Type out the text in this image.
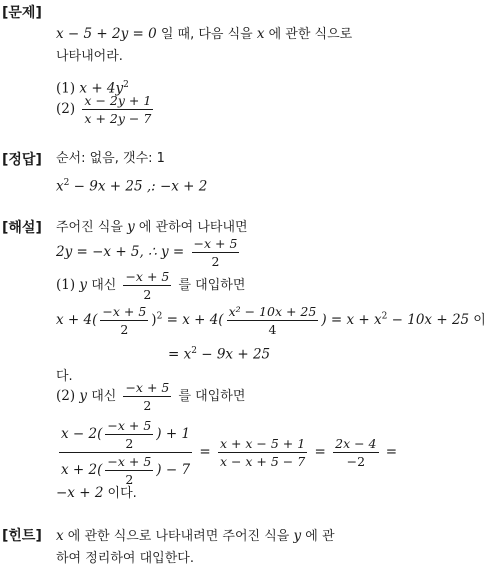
[문제]
x − 5 + 2y = 0 일 때, 다음 식을 x 에 관한 식으로
나타내어라.
(1) $x + 4y^2$
$(2) \frac{x - 2y + 1}{x + 2y - 7}$
[정답] 순서: 없음, 갯수: 1
$x^2 - 9x + 25$ ,: −x + 2
[해설] 주어진 식을 y 에 관하여 나타내면
2y = −x + 5, ∴ $y = \frac{-x + 5}{2}$
(1) y 대신 $\frac{-x + 5}{2}$ 를 대입하면
$x + 4( \frac{-x + 5}{2} )^2 = x + 4( \frac{\text{x² − 10x + 25}}{4}$ ) = $x + x^2 - 10x + 25$ 이
= $x^2 - 9x + 25$
다.
(2) y 대신 $\frac{-x + 5}{2}$ 를 대입하면
$\frac{x - 2( \frac{-x + 5}{2} ) + 1}{x + 2( \frac{-x + 5}{2} ) - 7} = \frac{x + x - 5 + 1}{x - x + 5 - 7} = \frac{2x - 4}{-2}$ =
−x + 2 이다.
[힌트] x 에 관한 식으로 나타내려면 주어진 식을 y 에 관
하여 정리하여 대입한다.
